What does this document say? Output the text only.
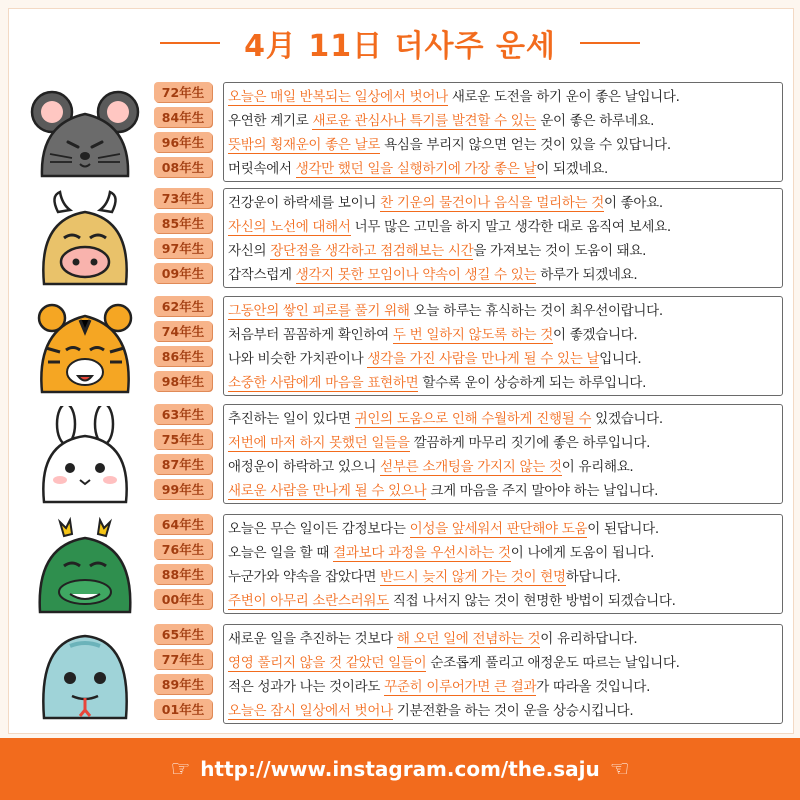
4月 11日 더사주 운세
72年生
84年生
96年生
08年生
오늘은 매일 반복되는 일상에서 벗어나 새로운 도전을 하기 운이 좋은 날입니다.
우연한 계기로 새로운 관심사나 특기를 발견할 수 있는 운이 좋은 하루네요.
뜻밖의 횡재운이 좋은 날로 욕심을 부리지 않으면 얻는 것이 있을 수 있답니다.
머릿속에서 생각만 했던 일을 실행하기에 가장 좋은 날이 되겠네요.
73年生
85年生
97年生
09年生
건강운이 하락세를 보이니 찬 기운의 물건이나 음식을 멀리하는 것이 좋아요.
자신의 노선에 대해서 너무 많은 고민을 하지 말고 생각한 대로 움직여 보세요.
자신의 장단점을 생각하고 점검해보는 시간을 가져보는 것이 도움이 돼요.
갑작스럽게 생각지 못한 모임이나 약속이 생길 수 있는 하루가 되겠네요.
62年生
74年生
86年生
98年生
그동안의 쌓인 피로를 풀기 위해 오늘 하루는 휴식하는 것이 최우선이랍니다.
처음부터 꼼꼼하게 확인하여 두 번 일하지 않도록 하는 것이 좋겠습니다.
나와 비슷한 가치관이나 생각을 가진 사람을 만나게 될 수 있는 날입니다.
소중한 사람에게 마음을 표현하면 할수록 운이 상승하게 되는 하루입니다.
63年生
75年生
87年生
99年生
추진하는 일이 있다면 귀인의 도움으로 인해 수월하게 진행될 수 있겠습니다.
저번에 마저 하지 못했던 일들을 깔끔하게 마무리 짓기에 좋은 하루입니다.
애정운이 하락하고 있으니 섣부른 소개팅을 가지지 않는 것이 유리해요.
새로운 사람을 만나게 될 수 있으나 크게 마음을 주지 말아야 하는 날입니다.
64年生
76年生
88年生
00年生
오늘은 무슨 일이든 감정보다는 이성을 앞세워서 판단해야 도움이 된답니다.
오늘은 일을 할 때 결과보다 과정을 우선시하는 것이 나에게 도움이 됩니다.
누군가와 약속을 잡았다면 반드시 늦지 않게 가는 것이 현명하답니다.
주변이 아무리 소란스러워도 직접 나서지 않는 것이 현명한 방법이 되겠습니다.
65年生
77年生
89年生
01年生
새로운 일을 추진하는 것보다 해 오던 일에 전념하는 것이 유리하답니다.
영영 풀리지 않을 것 같았던 일들이 순조롭게 풀리고 애정운도 따르는 날입니다.
적은 성과가 나는 것이라도 꾸준히 이루어가면 큰 결과가 따라올 것입니다.
오늘은 잠시 일상에서 벗어나 기분전환을 하는 것이 운을 상승시킵니다.
☞ http://www.instagram.com/the.saju ☜
